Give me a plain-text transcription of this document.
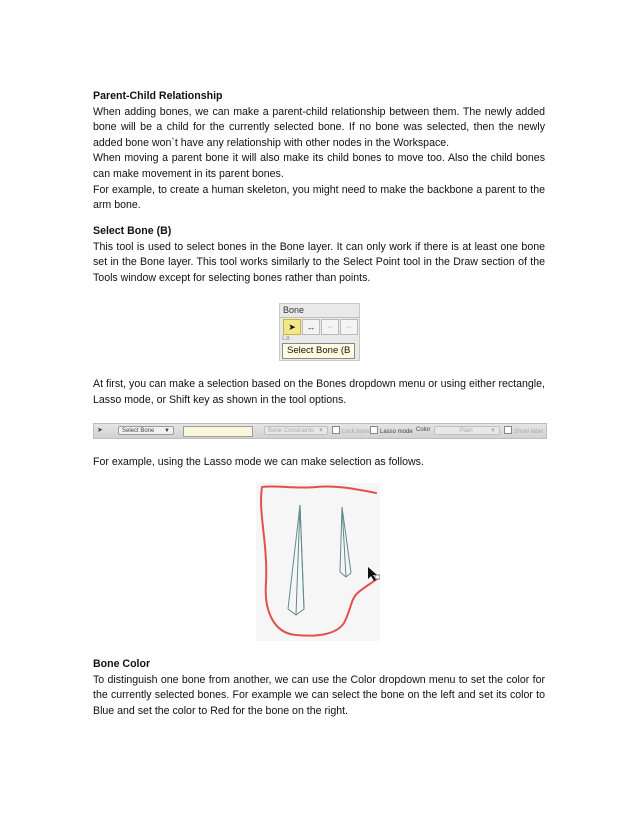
Parent-Child Relationship

When adding bones, we can make a parent-child relationship between them. The newly added bone will be a child for the currently selected bone. If no bone was selected, then the newly added bone won`t have any relationship with other nodes in the Workspace.

When moving a parent bone it will also make its child bones to move too. Also the child bones can make movement in its parent bones.

For example, to create a human skeleton, you might need to make the backbone a parent to the arm bone.

Select Bone (B)

This tool is used to select bones in the Bone layer. It can only work if there is at least one bone set in the Bone layer. This tool works similarly to the Select Point tool in the Draw section of the Tools window except for selecting bones rather than points.

Bone
➤	↔	−	−
La
Select Bone (B

At first, you can make a selection based on the Bones dropdown menu or using either rectangle, Lasso mode, or Shift key as shown in the tool options.

➤	Select Bone ▼	Bone Constraints ▼	Lock bone	Lasso mode Color	Plain	▼	Show label

For example, using the Lasso mode we can make selection as follows.

Bone Color

To distinguish one bone from another, we can use the Color dropdown menu to set the color for the currently selected bones. For example we can select the bone on the left and set its color to Blue and set the color to Red for the bone on the right.
